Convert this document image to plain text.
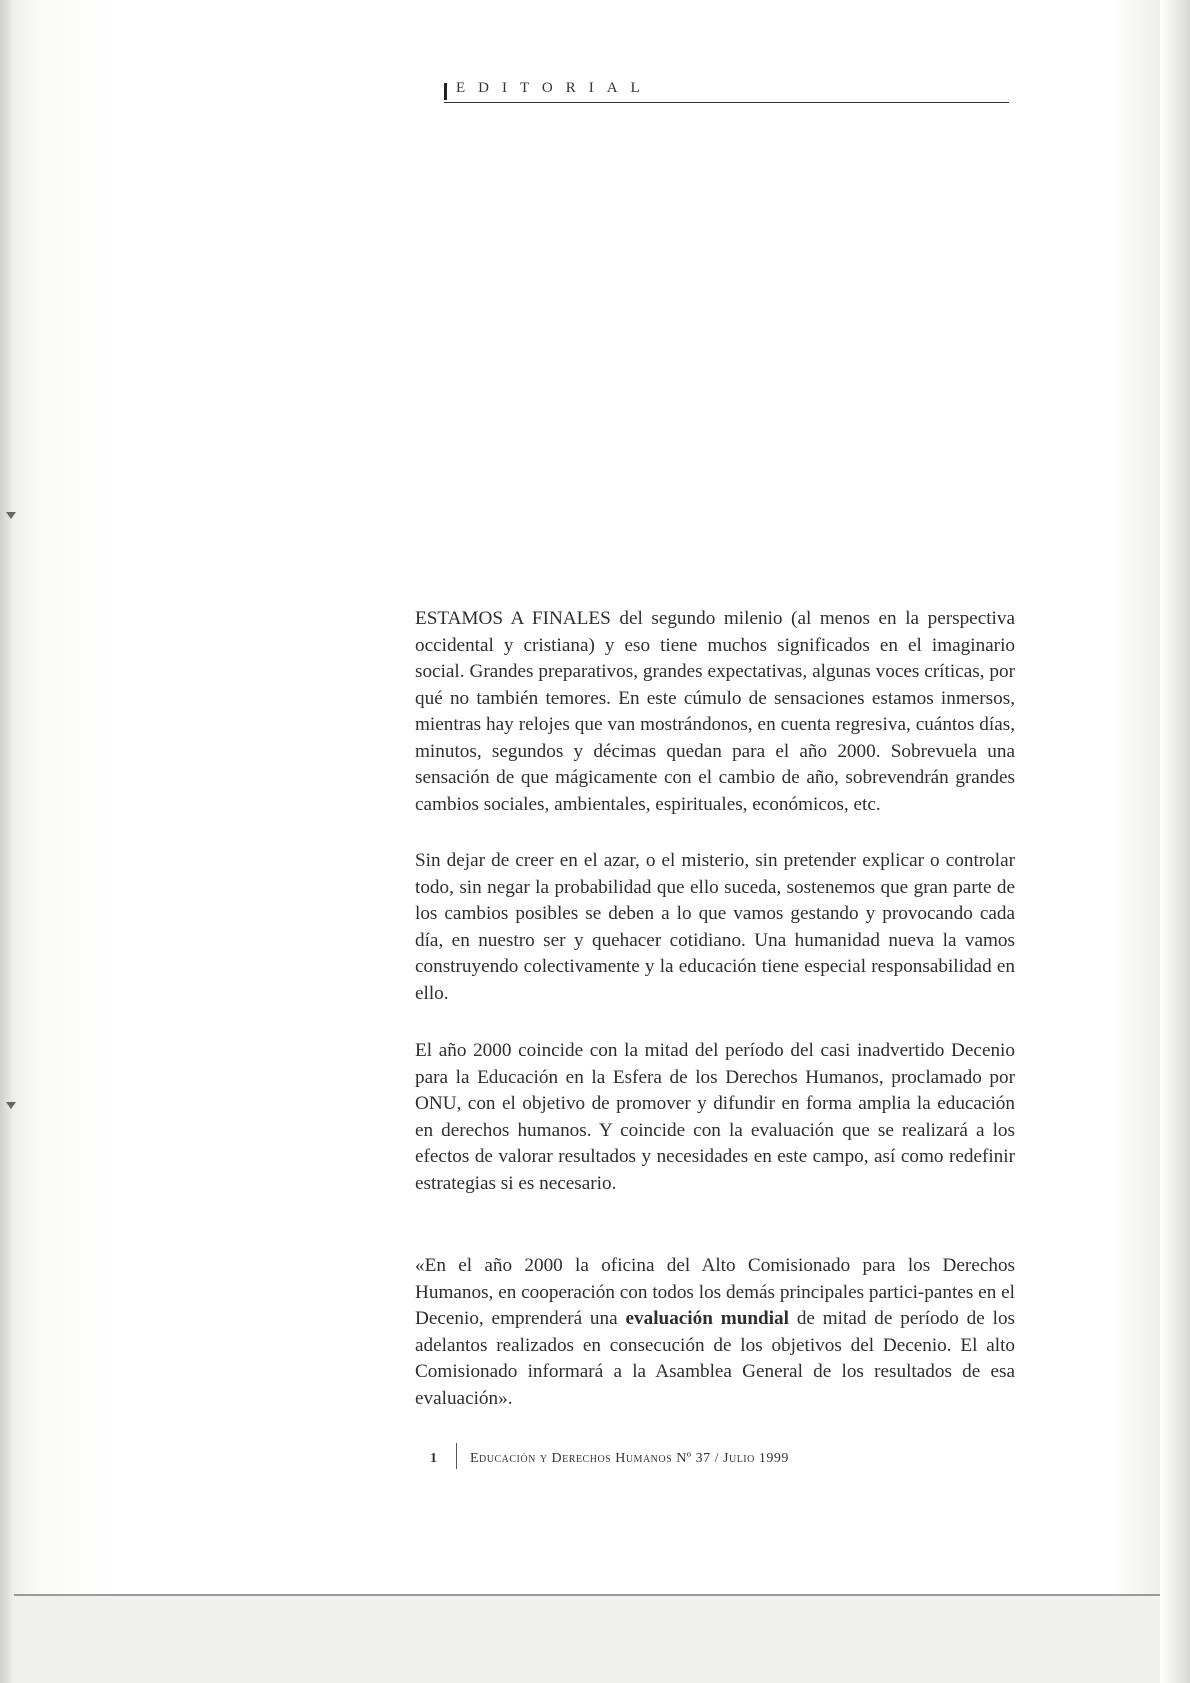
EDITORIAL

ESTAMOS A FINALES del segundo milenio (al menos en la perspectiva occidental y cristiana) y eso tiene muchos significados en el imaginario social. Grandes preparativos, grandes expectativas, algunas voces críticas, por qué no también temores. En este cúmulo de sensaciones estamos inmersos, mientras hay relojes que van mostrándonos, en cuenta regresiva, cuántos días, minutos, segundos y décimas quedan para el año 2000. Sobrevuela una sensación de que mágicamente con el cambio de año, sobrevendrán grandes cambios sociales, ambientales, espirituales, económicos, etc.

Sin dejar de creer en el azar, o el misterio, sin pretender explicar o controlar todo, sin negar la probabilidad que ello suceda, sostenemos que gran parte de los cambios posibles se deben a lo que vamos gestando y provocando cada día, en nuestro ser y quehacer cotidiano. Una humanidad nueva la vamos construyendo colectivamente y la educación tiene especial responsabilidad en ello.

El año 2000 coincide con la mitad del período del casi inadvertido Decenio para la Educación en la Esfera de los Derechos Humanos, proclamado por ONU, con el objetivo de promover y difundir en forma amplia la educación en derechos humanos. Y coincide con la evaluación que se realizará a los efectos de valorar resultados y necesidades en este campo, así como redefinir estrategias si es necesario.

«En el año 2000 la oficina del Alto Comisionado para los Derechos Humanos, en cooperación con todos los demás principales partici-pantes en el Decenio, emprenderá una evaluación mundial de mitad de período de los adelantos realizados en consecución de los objetivos del Decenio. El alto Comisionado informará a la Asamblea General de los resultados de esa evaluación».

1 Educación y Derechos Humanos Nº 37 / Julio 1999
